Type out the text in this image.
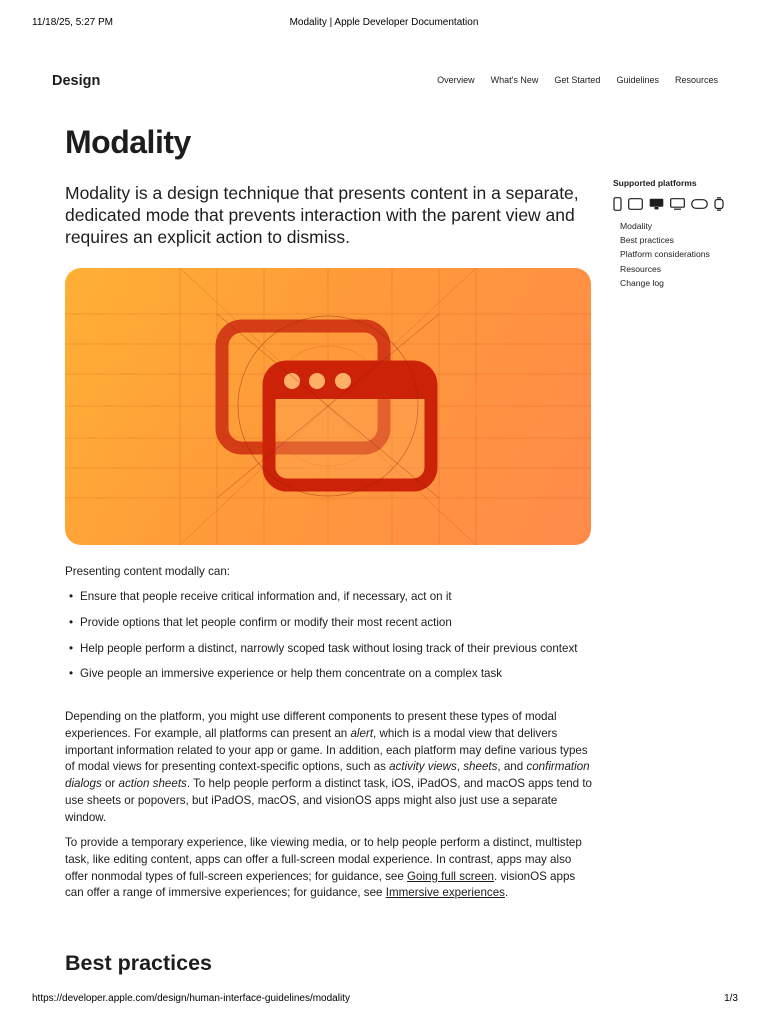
11/18/25, 5:27 PM	Modality | Apple Developer Documentation
Design	Overview What's New Get Started Guidelines Resources
Modality

Modality is a design technique that presents content in a separate, dedicated mode that prevents interaction with the parent view and requires an explicit action to dismiss.

Presenting content modally can:

• Ensure that people receive critical information and, if necessary, act on it
• Provide options that let people confirm or modify their most recent action
• Help people perform a distinct, narrowly scoped task without losing track of their previous context
• Give people an immersive experience or help them concentrate on a complex task

Depending on the platform, you might use different components to present these types of modal experiences. For example, all platforms can present an alert, which is a modal view that delivers important information related to your app or game. In addition, each platform may define various types of modal views for presenting context-specific options, such as activity views, sheets, and confirmation dialogs or action sheets. To help people perform a distinct task, iOS, iPadOS, and macOS apps tend to use sheets or popovers, but iPadOS, macOS, and visionOS apps might also just use a separate window.

To provide a temporary experience, like viewing media, or to help people perform a distinct, multistep task, like editing content, apps can offer a full-screen modal experience. In contrast, apps may also offer nonmodal types of full-screen experiences; for guidance, see Going full screen. visionOS apps can offer a range of immersive experiences; for guidance, see Immersive experiences.

Best practices
Supported platforms
Modality
Best practices
Platform considerations
Resources
Change log
https://developer.apple.com/design/human-interface-guidelines/modality	1/3
